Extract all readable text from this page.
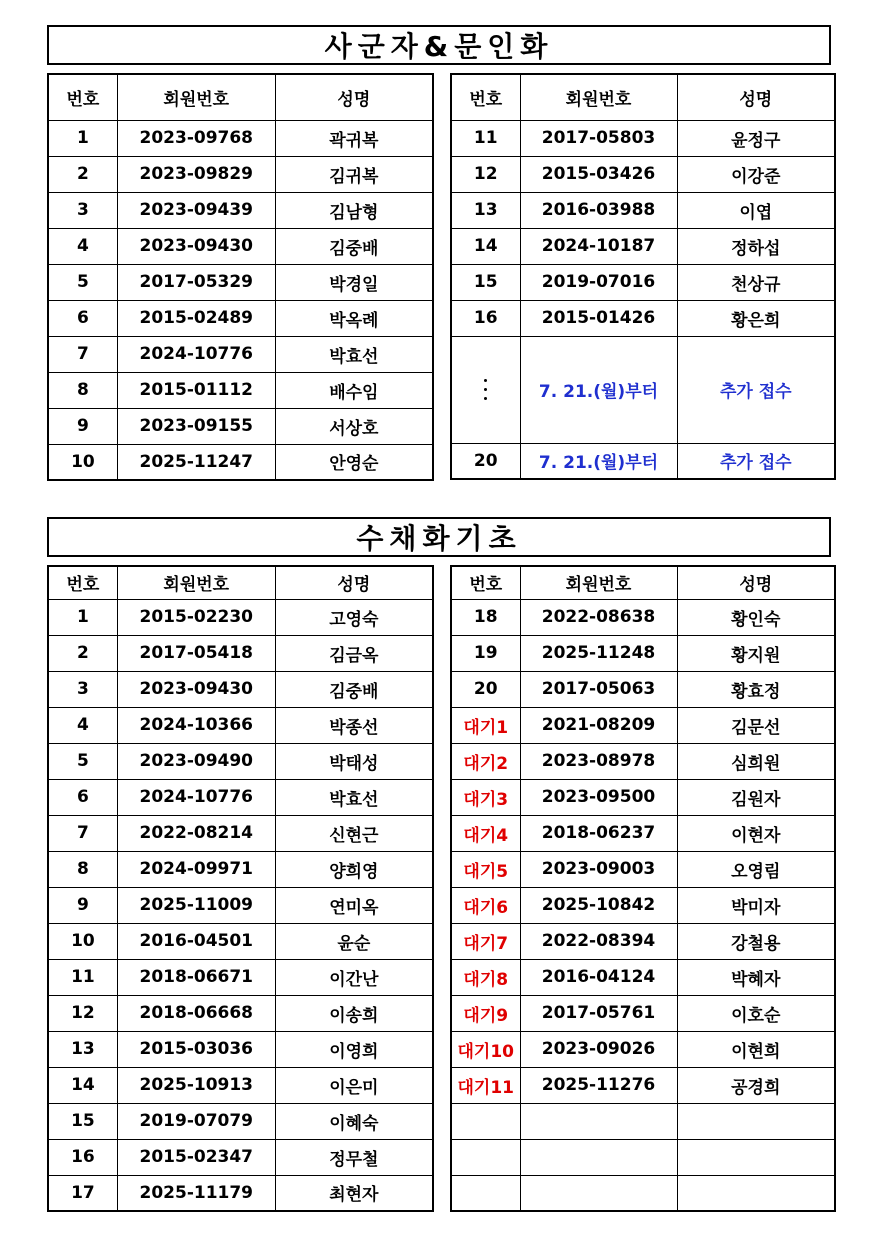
사군자&문인화
번호	회원번호	성명
1	2023-09768	곽귀복
2	2023-09829	김귀복
3	2023-09439	김남형
4	2023-09430	김중배
5	2017-05329	박경일
6	2015-02489	박옥례
7	2024-10776	박효선
8	2015-01112	배수임
9	2023-09155	서상호
10	2025-11247	안영순
번호	회원번호	성명
11	2017-05803	윤정구
12	2015-03426	이강준
13	2016-03988	이엽
14	2024-10187	정하섭
15	2019-07016	천상규
16	2015-01426	황은희

	7. 21.(월)부터	추가 접수
20	7. 21.(월)부터	추가 접수
수채화기초
번호	회원번호	성명
1	2015-02230	고영숙
2	2017-05418	김금옥
3	2023-09430	김중배
4	2024-10366	박종선
5	2023-09490	박태성
6	2024-10776	박효선
7	2022-08214	신현근
8	2024-09971	양희영
9	2025-11009	연미옥
10	2016-04501	윤순
11	2018-06671	이간난
12	2018-06668	이송희
13	2015-03036	이영희
14	2025-10913	이은미
15	2019-07079	이혜숙
16	2015-02347	정무철
17	2025-11179	최현자
번호	회원번호	성명
18	2022-08638	황인숙
19	2025-11248	황지원
20	2017-05063	황효정
대기1	2021-08209	김문선
대기2	2023-08978	심희원
대기3	2023-09500	김원자
대기4	2018-06237	이현자
대기5	2023-09003	오영림
대기6	2025-10842	박미자
대기7	2022-08394	강철용
대기8	2016-04124	박혜자
대기9	2017-05761	이호순
대기10	2023-09026	이현희
대기11	2025-11276	공경희
